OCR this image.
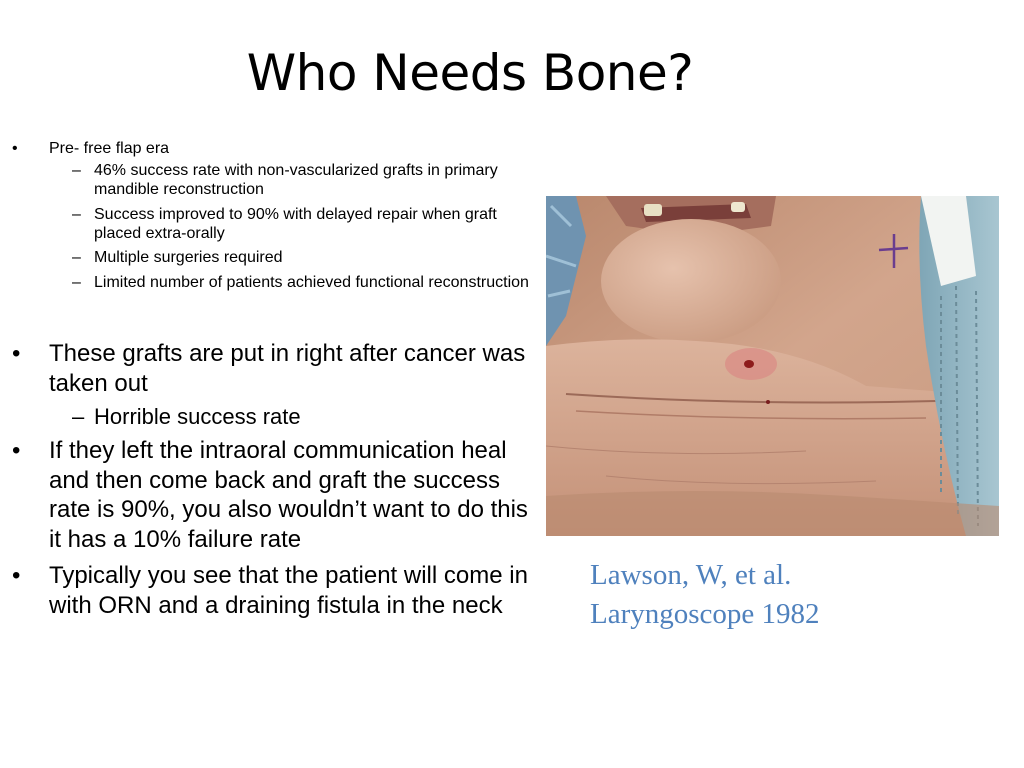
Who Needs Bone?
• Pre- free flap era
– 46% success rate with non-vascularized grafts in primary mandible reconstruction
– Success improved to 90% with delayed repair when graft placed extra-orally
– Multiple surgeries required
– Limited number of patients achieved functional reconstruction
• These grafts are put in right after cancer was taken out
– Horrible success rate
• If they left the intraoral communication heal and then come back and graft the success rate is 90%, you also wouldn’t want to do this it has a 10% failure rate
• Typically you see that the patient will come in with ORN and a draining fistula in the neck
Lawson, W, et al.
Laryngoscope 1982
